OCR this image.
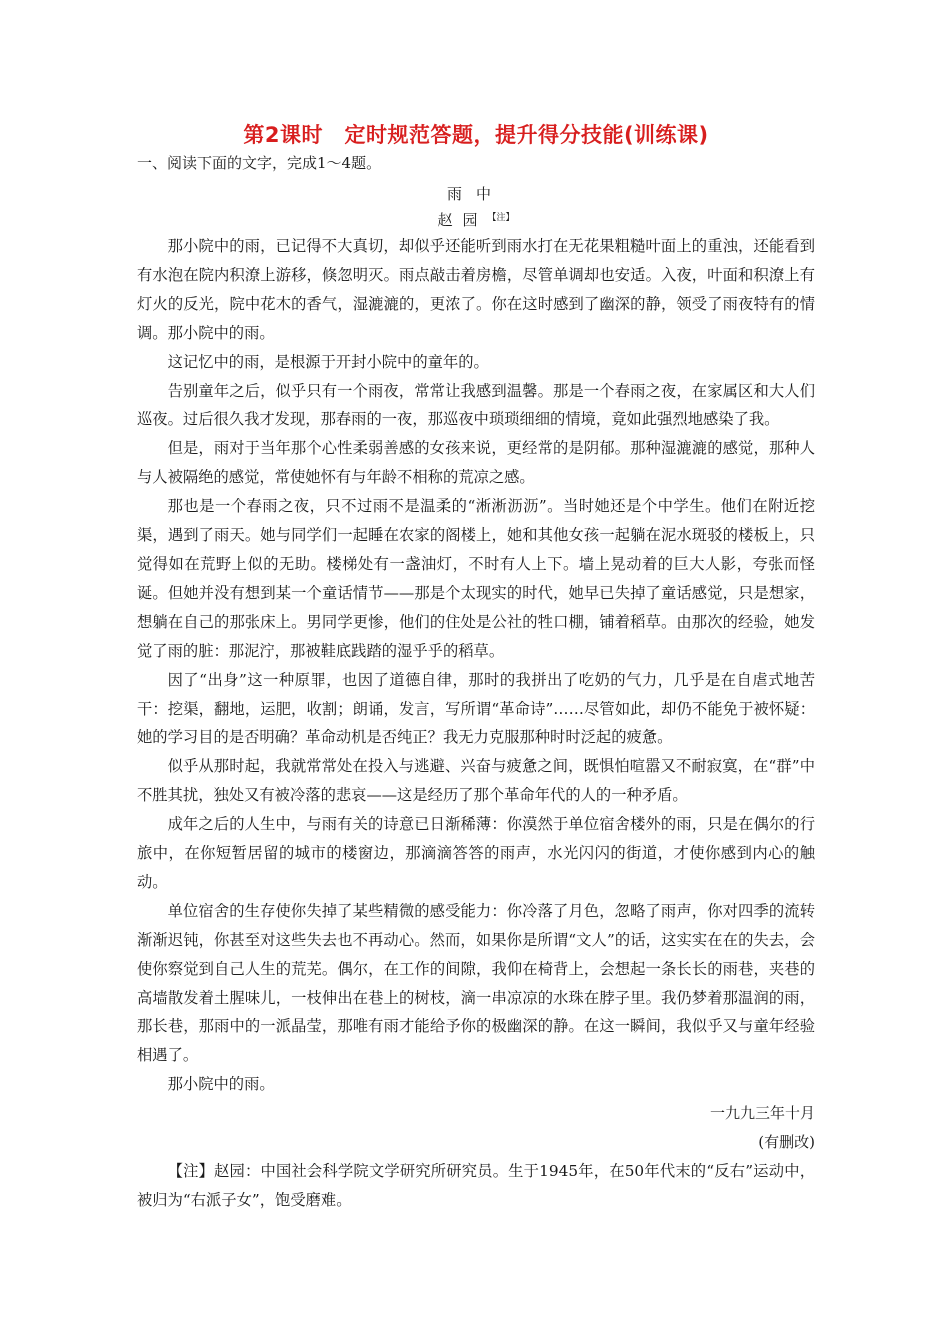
第2课时　定时规范答题，提升得分技能(训练课)

一、阅读下面的文字，完成1～4题。

雨中

赵园$^{【注】}$

那小院中的雨，已记得不大真切，却似乎还能听到雨水打在无花果粗糙叶面上的重浊，还能看到有水泡在院内积潦上游移，倏忽明灭。雨点敲击着房檐，尽管单调却也安适。入夜，叶面和积潦上有灯火的反光，院中花木的香气，湿漉漉的，更浓了。你在这时感到了幽深的静，领受了雨夜特有的情调。那小院中的雨。

这记忆中的雨，是根源于开封小院中的童年的。

告别童年之后，似乎只有一个雨夜，常常让我感到温馨。那是一个春雨之夜，在家属区和大人们巡夜。过后很久我才发现，那春雨的一夜，那巡夜中琐琐细细的情境，竟如此强烈地感染了我。

但是，雨对于当年那个心性柔弱善感的女孩来说，更经常的是阴郁。那种湿漉漉的感觉，那种人与人被隔绝的感觉，常使她怀有与年龄不相称的荒凉之感。

那也是一个春雨之夜，只不过雨不是温柔的“淅淅沥沥”。当时她还是个中学生。他们在附近挖渠，遇到了雨天。她与同学们一起睡在农家的阁楼上，她和其他女孩一起躺在泥水斑驳的楼板上，只觉得如在荒野上似的无助。楼梯处有一盏油灯，不时有人上下。墙上晃动着的巨大人影，夸张而怪诞。但她并没有想到某一个童话情节——那是个太现实的时代，她早已失掉了童话感觉，只是想家，想躺在自己的那张床上。男同学更惨，他们的住处是公社的牲口棚，铺着稻草。由那次的经验，她发觉了雨的脏：那泥泞，那被鞋底践踏的湿乎乎的稻草。

因了“出身”这一种原罪，也因了道德自律，那时的我拼出了吃奶的气力，几乎是在自虐式地苦干：挖渠，翻地，运肥，收割；朗诵，发言，写所谓“革命诗”……尽管如此，却仍不能免于被怀疑：她的学习目的是否明确？革命动机是否纯正？我无力克服那种时时泛起的疲惫。

似乎从那时起，我就常常处在投入与逃避、兴奋与疲惫之间，既惧怕喧嚣又不耐寂寞，在“群”中不胜其扰，独处又有被冷落的悲哀——这是经历了那个革命年代的人的一种矛盾。

成年之后的人生中，与雨有关的诗意已日渐稀薄：你漠然于单位宿舍楼外的雨，只是在偶尔的行旅中，在你短暂居留的城市的楼窗边，那滴滴答答的雨声，水光闪闪的街道，才使你感到内心的触动。

单位宿舍的生存使你失掉了某些精微的感受能力：你冷落了月色，忽略了雨声，你对四季的流转渐渐迟钝，你甚至对这些失去也不再动心。然而，如果你是所谓“文人”的话，这实实在在的失去，会使你察觉到自己人生的荒芜。偶尔，在工作的间隙，我仰在椅背上，会想起一条长长的雨巷，夹巷的高墙散发着土腥味儿，一枝伸出在巷上的树枝，滴一串凉凉的水珠在脖子里。我仍梦着那温润的雨，那长巷，那雨中的一派晶莹，那唯有雨才能给予你的极幽深的静。在这一瞬间，我似乎又与童年经验相遇了。

那小院中的雨。

一九九三年十月

(有删改)

【注】赵园：中国社会科学院文学研究所研究员。生于1945年，在50年代末的“反右”运动中，被归为“右派子女”，饱受磨难。
